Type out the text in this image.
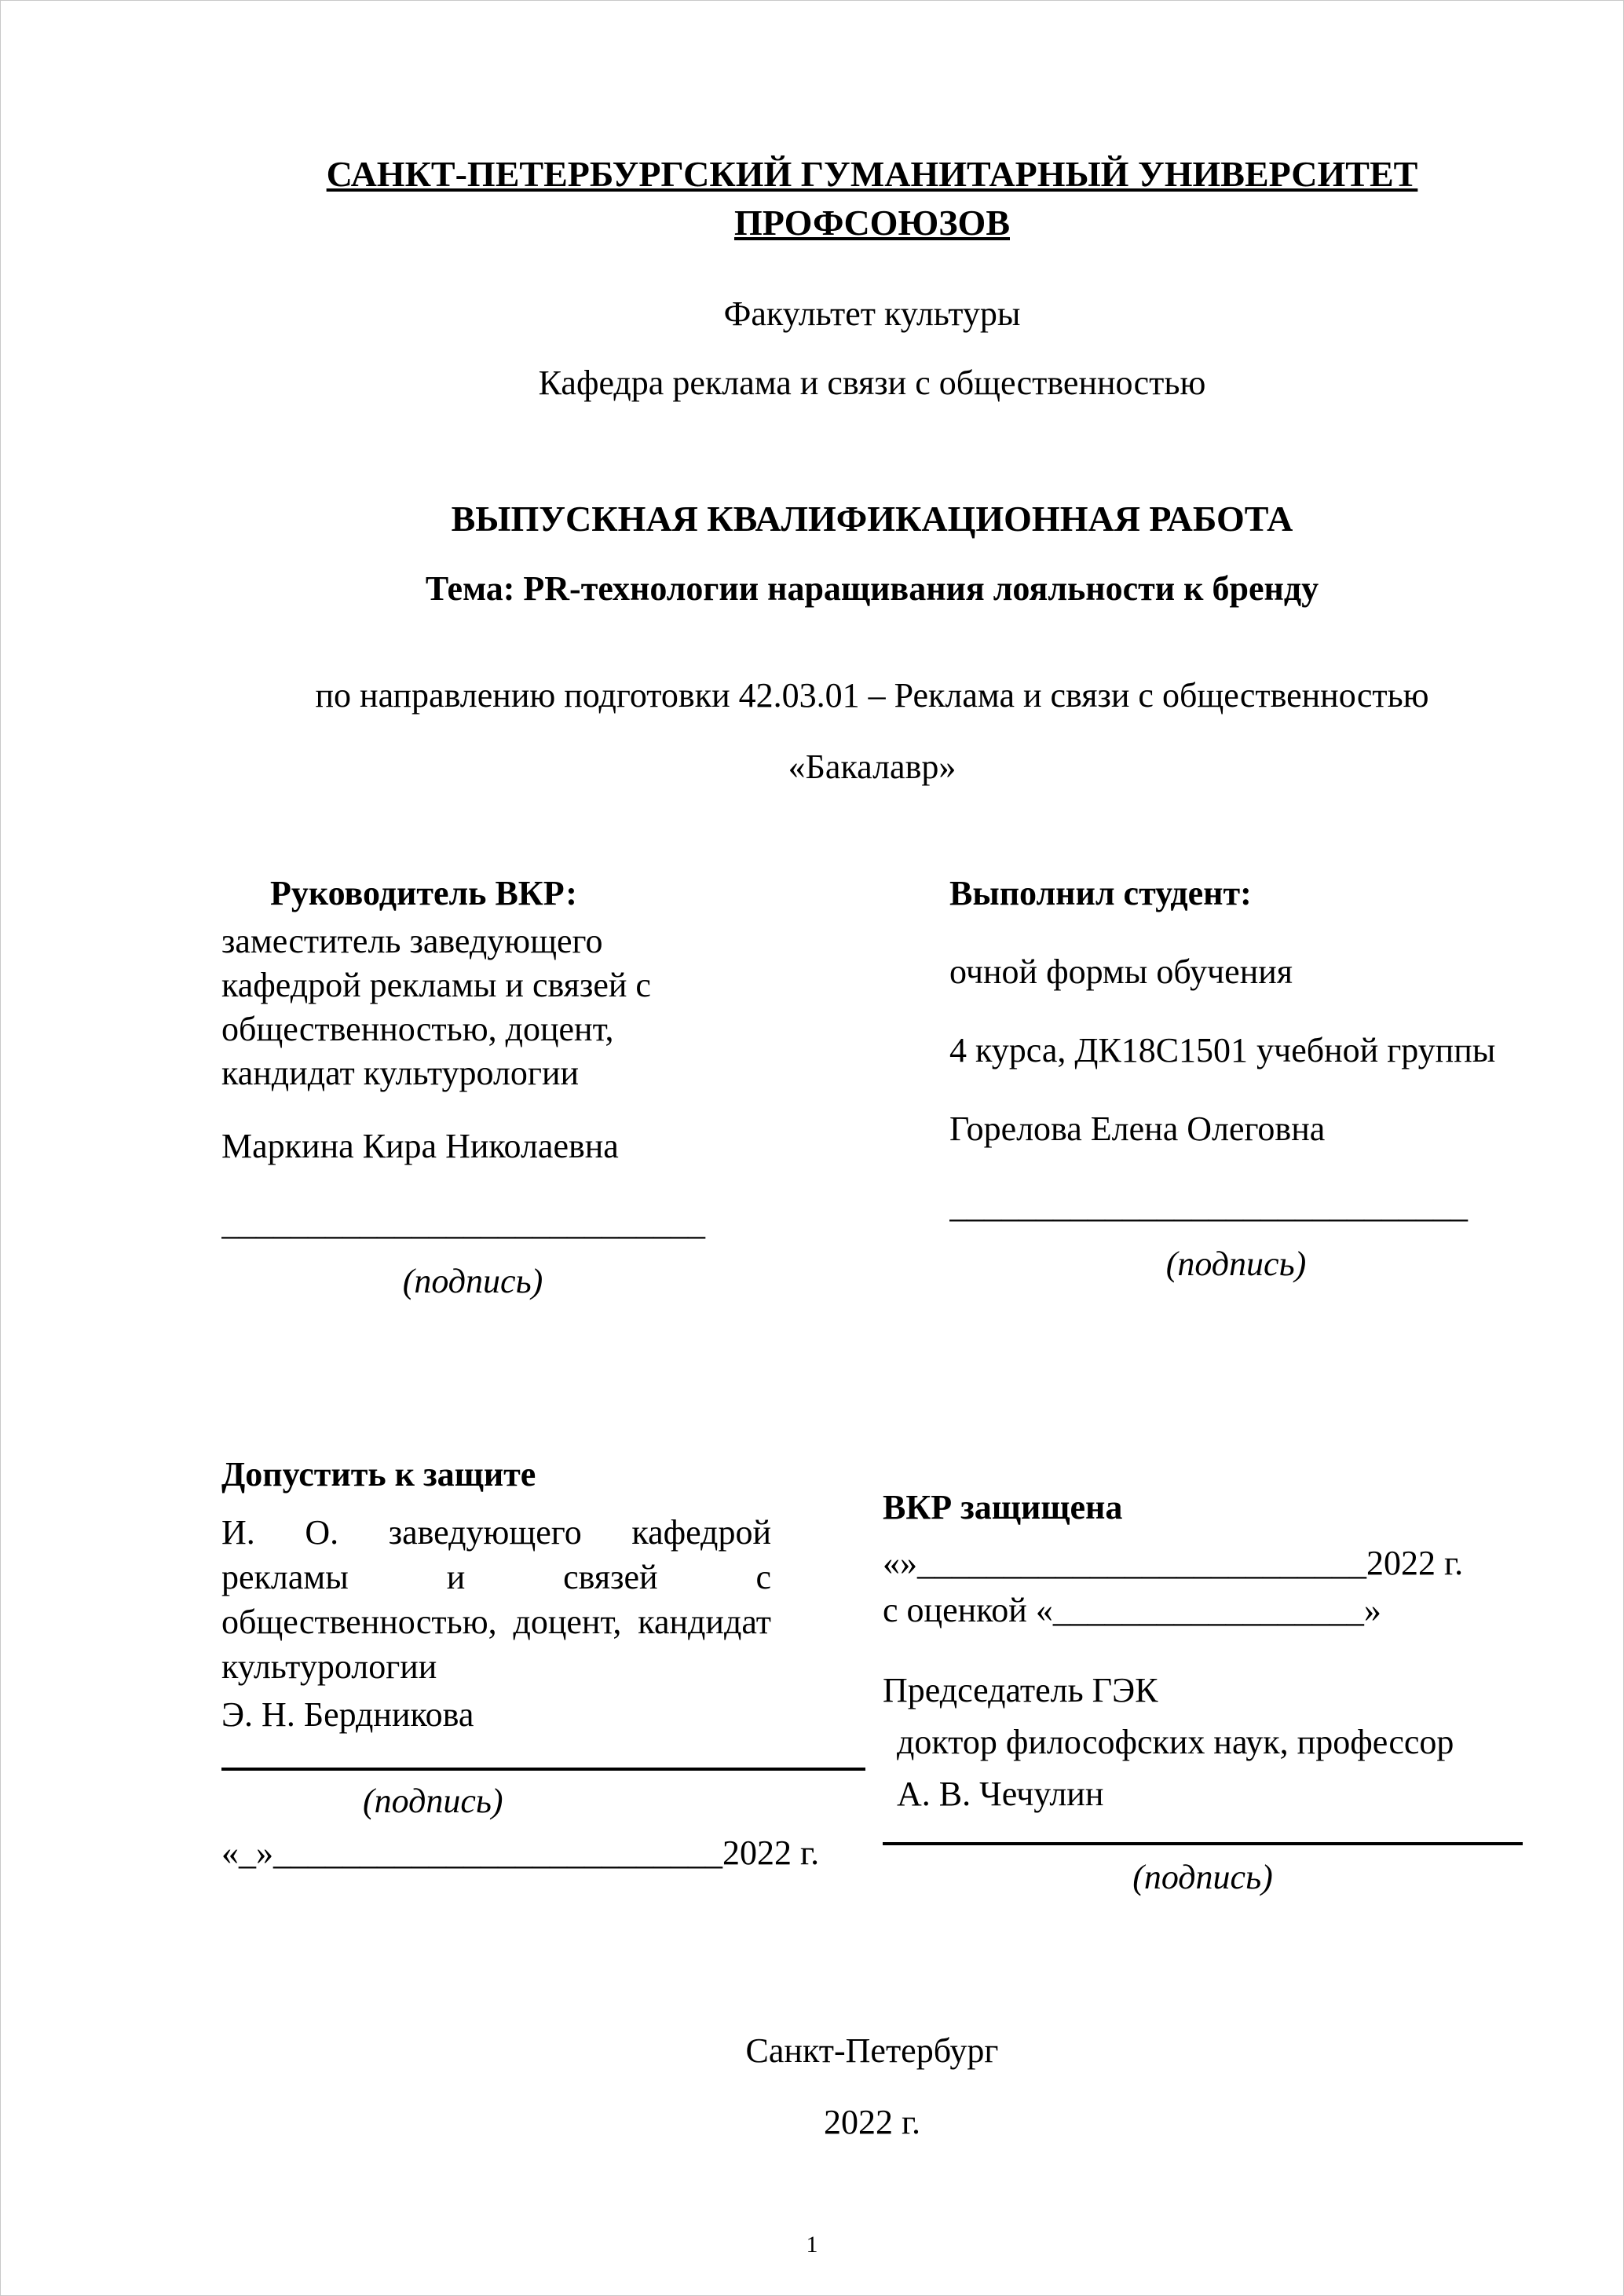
САНКТ-ПЕТЕРБУРГСКИЙ ГУМАНИТАРНЫЙ УНИВЕРСИТЕТ
ПРОФСОЮЗОВ
Факультет культуры
Кафедра реклама и связи с общественностью
ВЫПУСКНАЯ КВАЛИФИКАЦИОННАЯ РАБОТА
Тема: PR-технологии наращивания лояльности к бренду
по направлению подготовки 42.03.01 – Реклама и связи с общественностью
«Бакалавр»
Руководитель ВКР:
заместитель заведующего кафедрой рекламы и связей с общественностью, доцент, кандидат культурологии
Маркина Кира Николаевна
____________________________
(подпись)
Выполнил студент:
очной формы обучения
4 курса, ДК18С1501 учебной группы
Горелова Елена Олеговна
______________________________
(подпись)
Допустить к защите
И. О. заведующего кафедрой рекламы и связей с общественностью, доцент, кандидат культурологии
Э. Н. Бердникова
(подпись)
«_»__________________________2022 г.
ВКР защищена
«»__________________________2022 г.
с оценкой «__________________»
Председатель ГЭК
доктор философских наук, профессор
А. В. Чечулин
(подпись)
Санкт-Петербург
2022 г.
1
